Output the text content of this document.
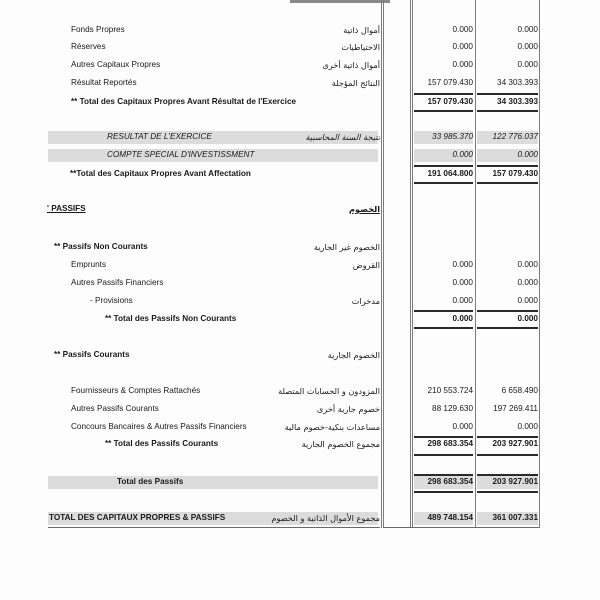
Fonds Propres	أموال ذاتية	0.000	0.000
Réserves	الاحتياطيات	0.000	0.000
Autres Capitaux Propres	أموال ذاتية أخرى	0.000	0.000
Résultat Reportés	النتائج المؤجلة	157 079.430	34 303.393
** Total des Capitaux Propres Avant Résultat de l'Exercice	157 079.430	34 303.393
RESULTAT DE L'EXERCICE	نتيجة السنة المحاسبية	33 985.370	122 776.037
COMPTE SPECIAL D'INVESTISSMENT	0.000	0.000
**Total des Capitaux Propres Avant Affectation	191 064.800	157 079.430
' PASSIFS	الخصوم
** Passifs Non Courants	الخصوم غير الجارية
Emprunts	القروض	0.000	0.000
Autres Passifs Financiers	0.000	0.000
- Provisions	مدخرات	0.000	0.000
** Total des Passifs Non Courants	0.000	0.000
** Passifs Courants	الخصوم الجارية
Fournisseurs & Comptes Rattachés	المزودون و الحسابات المتصلة	210 553.724	6 658.490
Autres Passifs Courants	خصوم جارية أخرى	88 129.630	197 269.411
Concours Bancaires & Autres Passifs Financiers	مساعدات بنكية-خصوم مالية	0.000	0.000
** Total des Passifs Courants	مجموع الخصوم الجارية	298 683.354	203 927.901
Total des Passifs	298 683.354	203 927.901
TOTAL DES CAPITAUX PROPRES & PASSIFS	مجموع الأموال الذاتية و الخصوم	489 748.154	361 007.331
